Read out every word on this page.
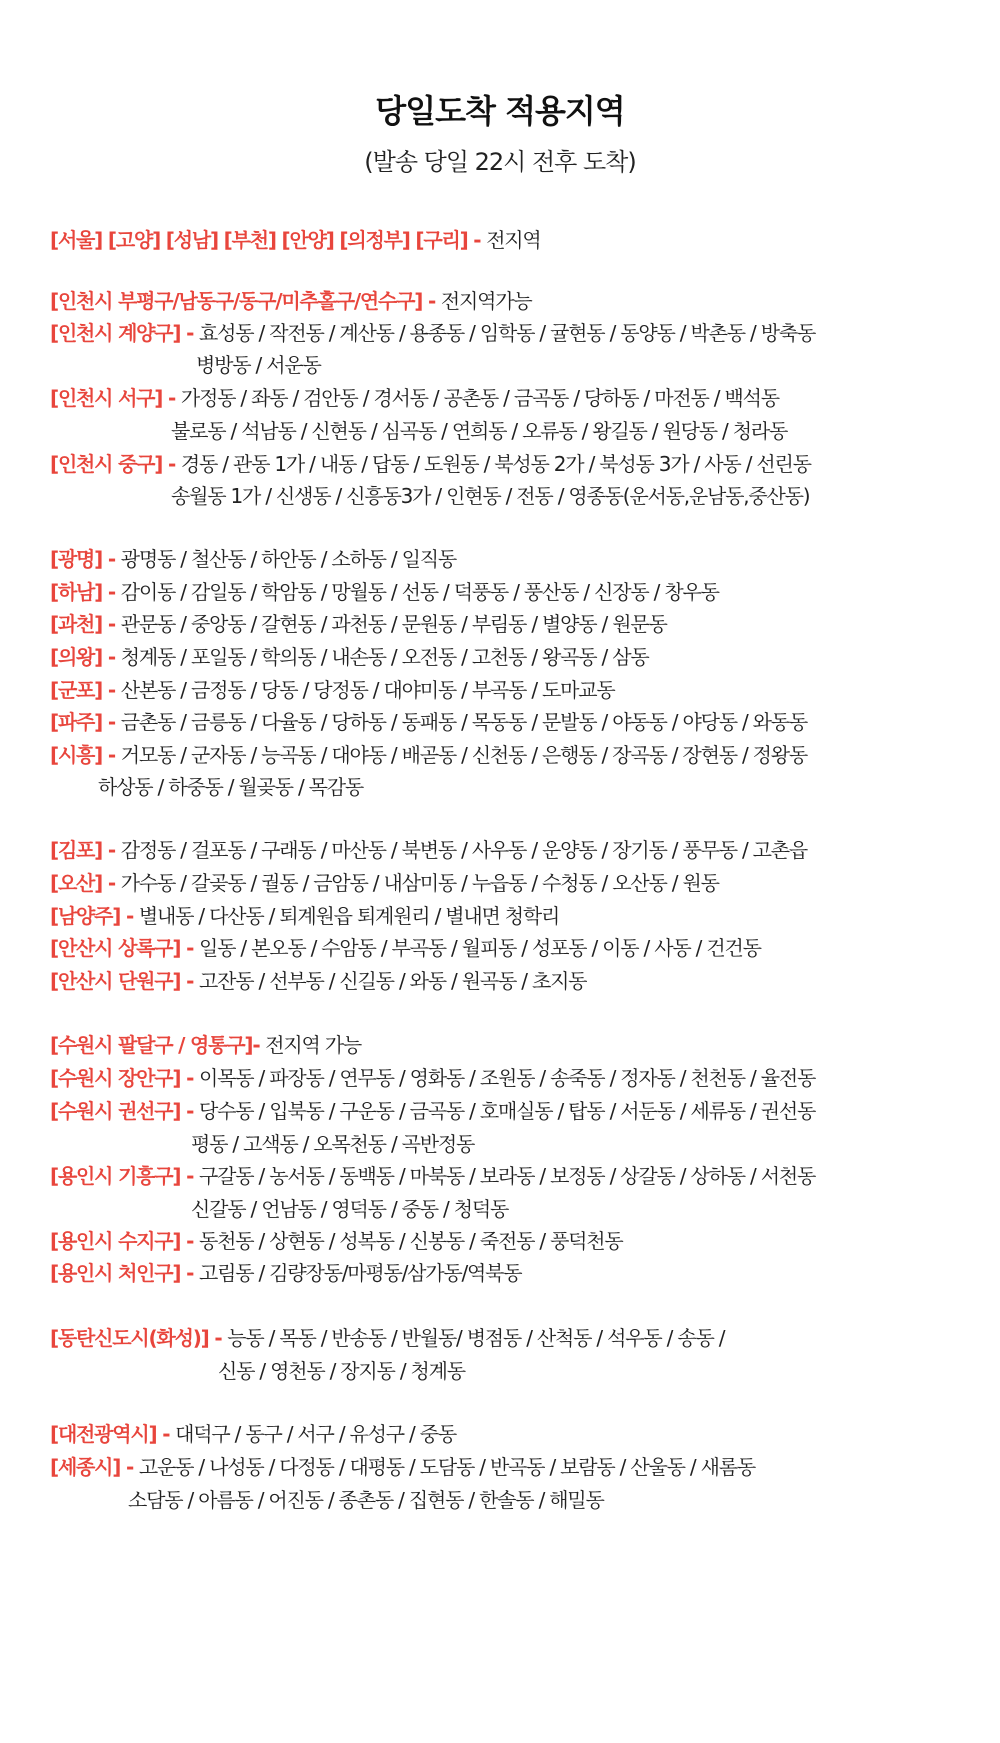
당일도착 적용지역
(발송 당일 22시 전후 도착)
[서울] [고양] [성남] [부천] [안양] [의정부] [구리] - 전지역
[인천시 부평구/남동구/동구/미추홀구/연수구] - 전지역가능
[인천시 계양구] - 효성동 / 작전동 / 계산동 / 용종동 / 임학동 / 귤현동 / 동양동 / 박촌동 / 방축동
병방동 / 서운동
[인천시 서구] - 가정동 / 좌동 / 검안동 / 경서동 / 공촌동 / 금곡동 / 당하동 / 마전동 / 백석동
불로동 / 석남동 / 신현동 / 심곡동 / 연희동 / 오류동 / 왕길동 / 원당동 / 청라동
[인천시 중구] - 경동 / 관동 1가 / 내동 / 답동 / 도원동 / 북성동 2가 / 북성동 3가 / 사동 / 선린동
송월동 1가 / 신생동 / 신흥동3가 / 인현동 / 전동 / 영종동(운서동,운남동,중산동)
[광명] - 광명동 / 철산동 / 하안동 / 소하동 / 일직동
[하남] - 감이동 / 감일동 / 학암동 / 망월동 / 선동 / 덕풍동 / 풍산동 / 신장동 / 창우동
[과천] - 관문동 / 중앙동 / 갈현동 / 과천동 / 문원동 / 부림동 / 별양동 / 원문동
[의왕] - 청계동 / 포일동 / 학의동 / 내손동 / 오전동 / 고천동 / 왕곡동 / 삼동
[군포] - 산본동 / 금정동 / 당동 / 당정동 / 대야미동 / 부곡동 / 도마교동
[파주] - 금촌동 / 금릉동 / 다율동 / 당하동 / 동패동 / 목동동 / 문발동 / 야동동 / 야당동 / 와동동
[시흥] - 거모동 / 군자동 / 능곡동 / 대야동 / 배곧동 / 신천동 / 은행동 / 장곡동 / 장현동 / 정왕동
하상동 / 하중동 / 월곶동 / 목감동
[김포] - 감정동 / 걸포동 / 구래동 / 마산동 / 북변동 / 사우동 / 운양동 / 장기동 / 풍무동 / 고촌읍
[오산] - 가수동 / 갈곶동 / 궐동 / 금암동 / 내삼미동 / 누읍동 / 수청동 / 오산동 / 원동
[남양주] - 별내동 / 다산동 / 퇴계원읍 퇴계원리 / 별내면 청학리
[안산시 상록구] - 일동 / 본오동 / 수암동 / 부곡동 / 월피동 / 성포동 / 이동 / 사동 / 건건동
[안산시 단원구] - 고잔동 / 선부동 / 신길동 / 와동 / 원곡동 / 초지동
[수원시 팔달구 / 영통구]- 전지역 가능
[수원시 장안구] - 이목동 / 파장동 / 연무동 / 영화동 / 조원동 / 송죽동 / 정자동 / 천천동 / 율전동
[수원시 권선구] - 당수동 / 입북동 / 구운동 / 금곡동 / 호매실동 / 탑동 / 서둔동 / 세류동 / 권선동
평동 / 고색동 / 오목천동 / 곡반정동
[용인시 기흥구] - 구갈동 / 농서동 / 동백동 / 마북동 / 보라동 / 보정동 / 상갈동 / 상하동 / 서천동
신갈동 / 언남동 / 영덕동 / 중동 / 청덕동
[용인시 수지구] - 동천동 / 상현동 / 성복동 / 신봉동 / 죽전동 / 풍덕천동
[용인시 처인구] - 고림동 / 김량장동/마평동/삼가동/역북동
[동탄신도시(화성)] - 능동 / 목동 / 반송동 / 반월동/ 병점동 / 산척동 / 석우동 / 송동 /
신동 / 영천동 / 장지동 / 청계동
[대전광역시] - 대덕구 / 동구 / 서구 / 유성구 / 중동
[세종시] - 고운동 / 나성동 / 다정동 / 대평동 / 도담동 / 반곡동 / 보람동 / 산울동 / 새롬동
소담동 / 아름동 / 어진동 / 종촌동 / 집현동 / 한솔동 / 해밀동
